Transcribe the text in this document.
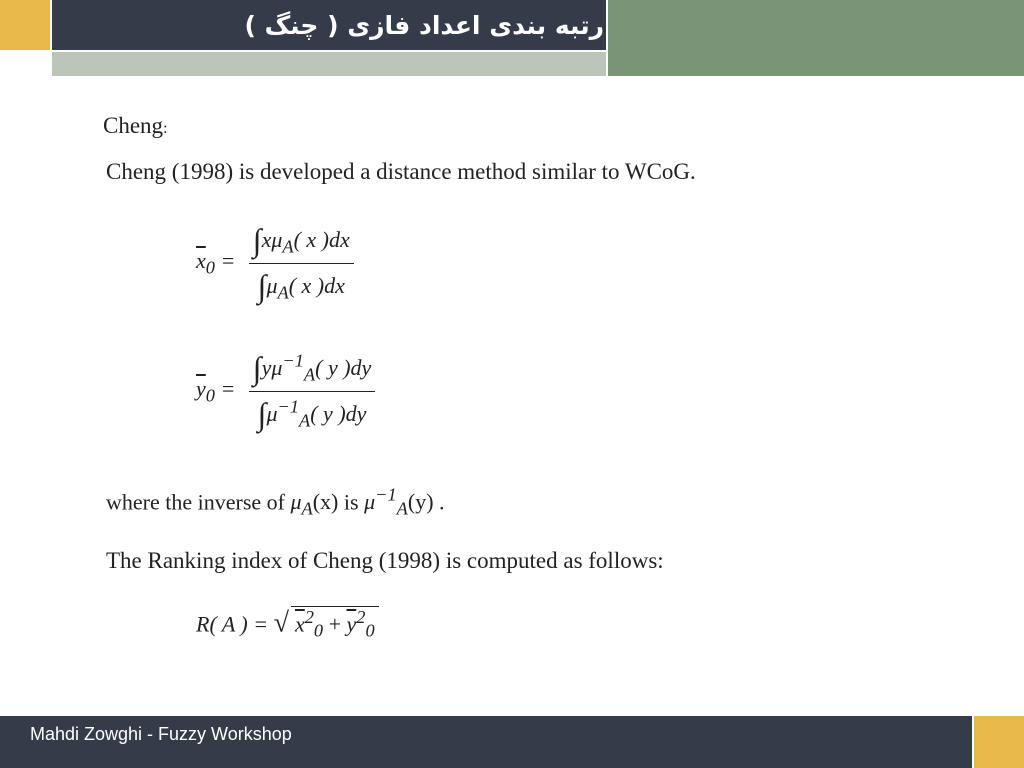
رتبه بندی اعداد فازی ( چنگ )
Cheng:
Cheng (1998) is developed a distance method similar to WCoG.
$\overline{x}_0 = \frac{\int x\mu_A( x )dx}{\int\mu_A( x )dx}$
$\overline{y}_0 = \frac{\int y\mu^{-1}_A( y )dy}{\int\mu^{-1}_A( y )dy}$
where the inverse of $\mu_A(x)$ is $\mu^{-1}_A(y)$ .
The Ranking index of Cheng (1998) is computed as follows:
R( A ) = √ $x^2_0 + \overline{y}^2_0$
Mahdi Zowghi - Fuzzy Workshop
